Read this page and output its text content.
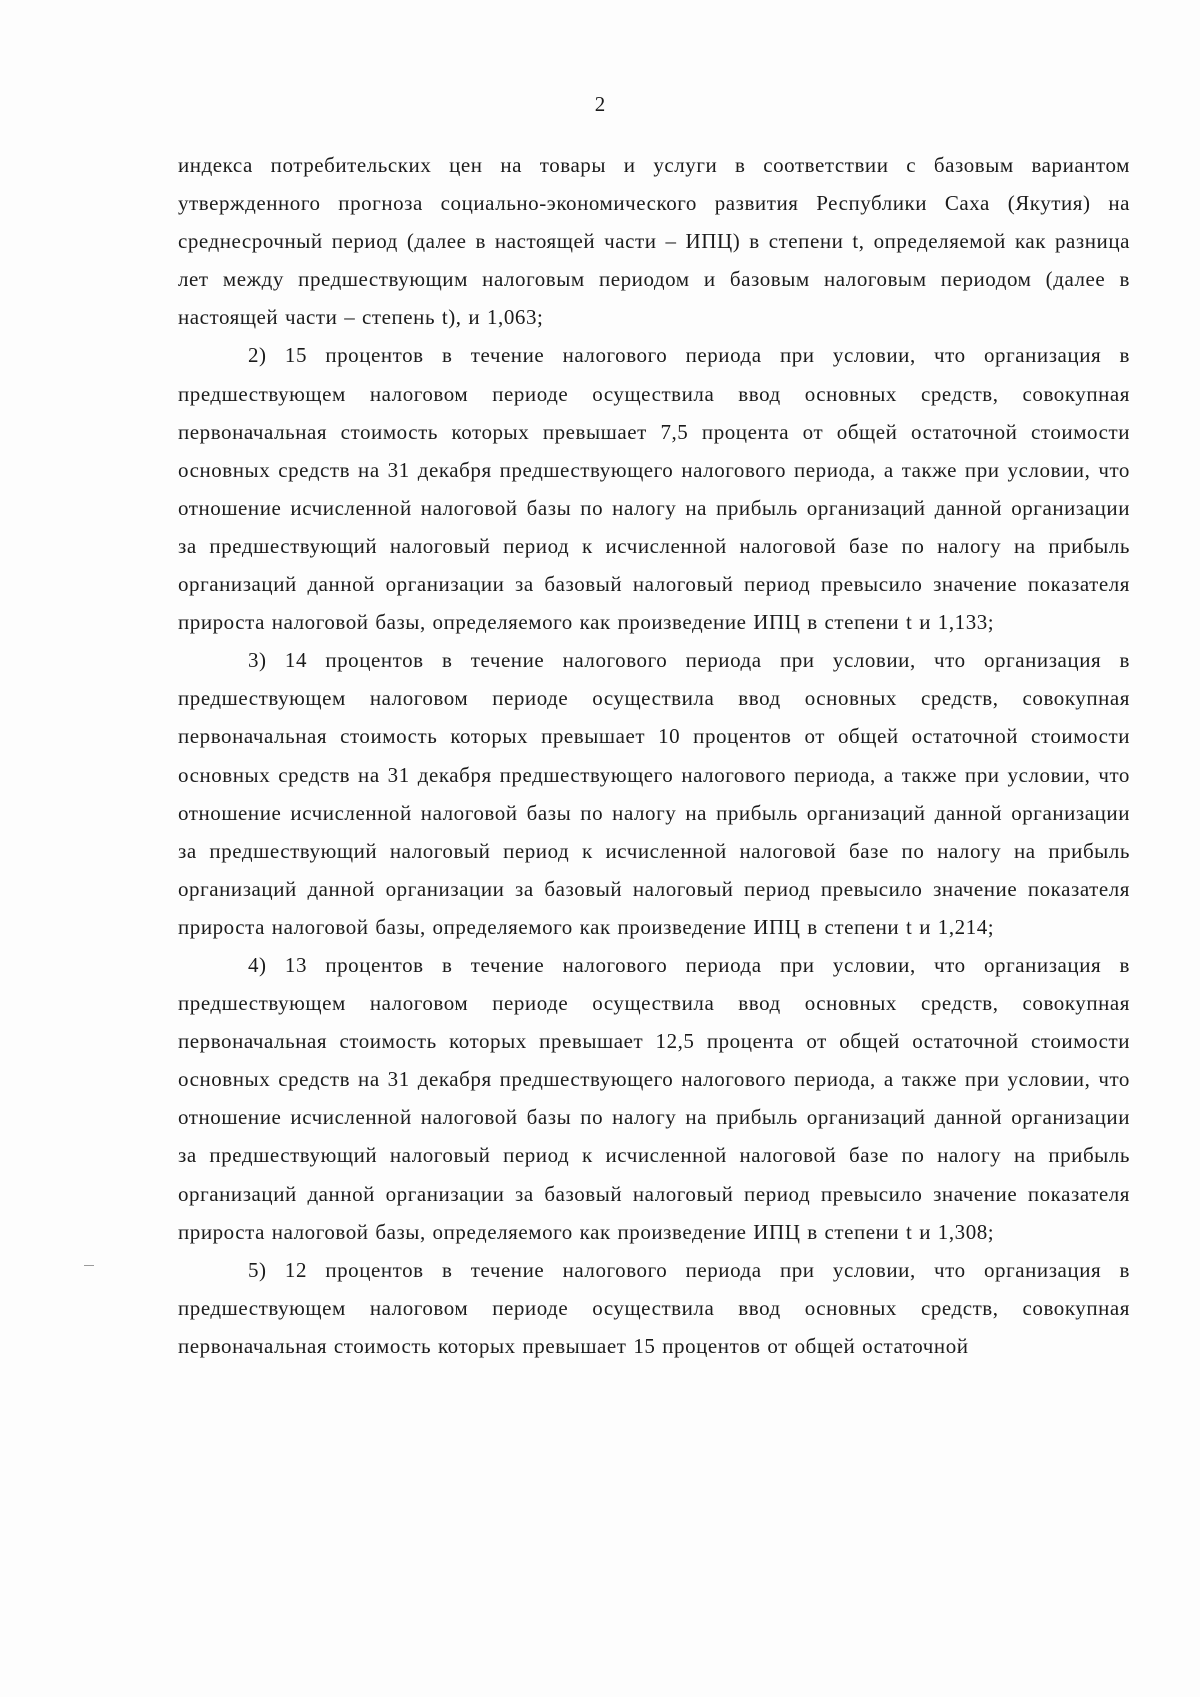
2

индекса потребительских цен на товары и услуги в соответствии с базовым вариантом утвержденного прогноза социально-экономического развития Республики Саха (Якутия) на среднесрочный период (далее в настоящей части – ИПЦ) в степени t, определяемой как разница лет между предшествующим налоговым периодом и базовым налоговым периодом (далее в настоящей части – степень t), и 1,063;

2) 15 процентов в течение налогового периода при условии, что организация в предшествующем налоговом периоде осуществила ввод основных средств, совокупная первоначальная стоимость которых превышает 7,5 процента от общей остаточной стоимости основных средств на 31 декабря предшествующего налогового периода, а также при условии, что отношение исчисленной налоговой базы по налогу на прибыль организаций данной организации за предшествующий налоговый период к исчисленной налоговой базе по налогу на прибыль организаций данной организации за базовый налоговый период превысило значение показателя прироста налоговой базы, определяемого как произведение ИПЦ в степени t и 1,133;

3) 14 процентов в течение налогового периода при условии, что организация в предшествующем налоговом периоде осуществила ввод основных средств, совокупная первоначальная стоимость которых превышает 10 процентов от общей остаточной стоимости основных средств на 31 декабря предшествующего налогового периода, а также при условии, что отношение исчисленной налоговой базы по налогу на прибыль организаций данной организации за предшествующий налоговый период к исчисленной налоговой базе по налогу на прибыль организаций данной организации за базовый налоговый период превысило значение показателя прироста налоговой базы, определяемого как произведение ИПЦ в степени t и 1,214;

4) 13 процентов в течение налогового периода при условии, что организация в предшествующем налоговом периоде осуществила ввод основных средств, совокупная первоначальная стоимость которых превышает 12,5 процента от общей остаточной стоимости основных средств на 31 декабря предшествующего налогового периода, а также при условии, что отношение исчисленной налоговой базы по налогу на прибыль организаций данной организации за предшествующий налоговый период к исчисленной налоговой базе по налогу на прибыль организаций данной организации за базовый налоговый период превысило значение показателя прироста налоговой базы, определяемого как произведение ИПЦ в степени t и 1,308;

5) 12 процентов в течение налогового периода при условии, что организация в предшествующем налоговом периоде осуществила ввод основных средств, совокупная первоначальная стоимость которых превышает 15 процентов от общей остаточной
